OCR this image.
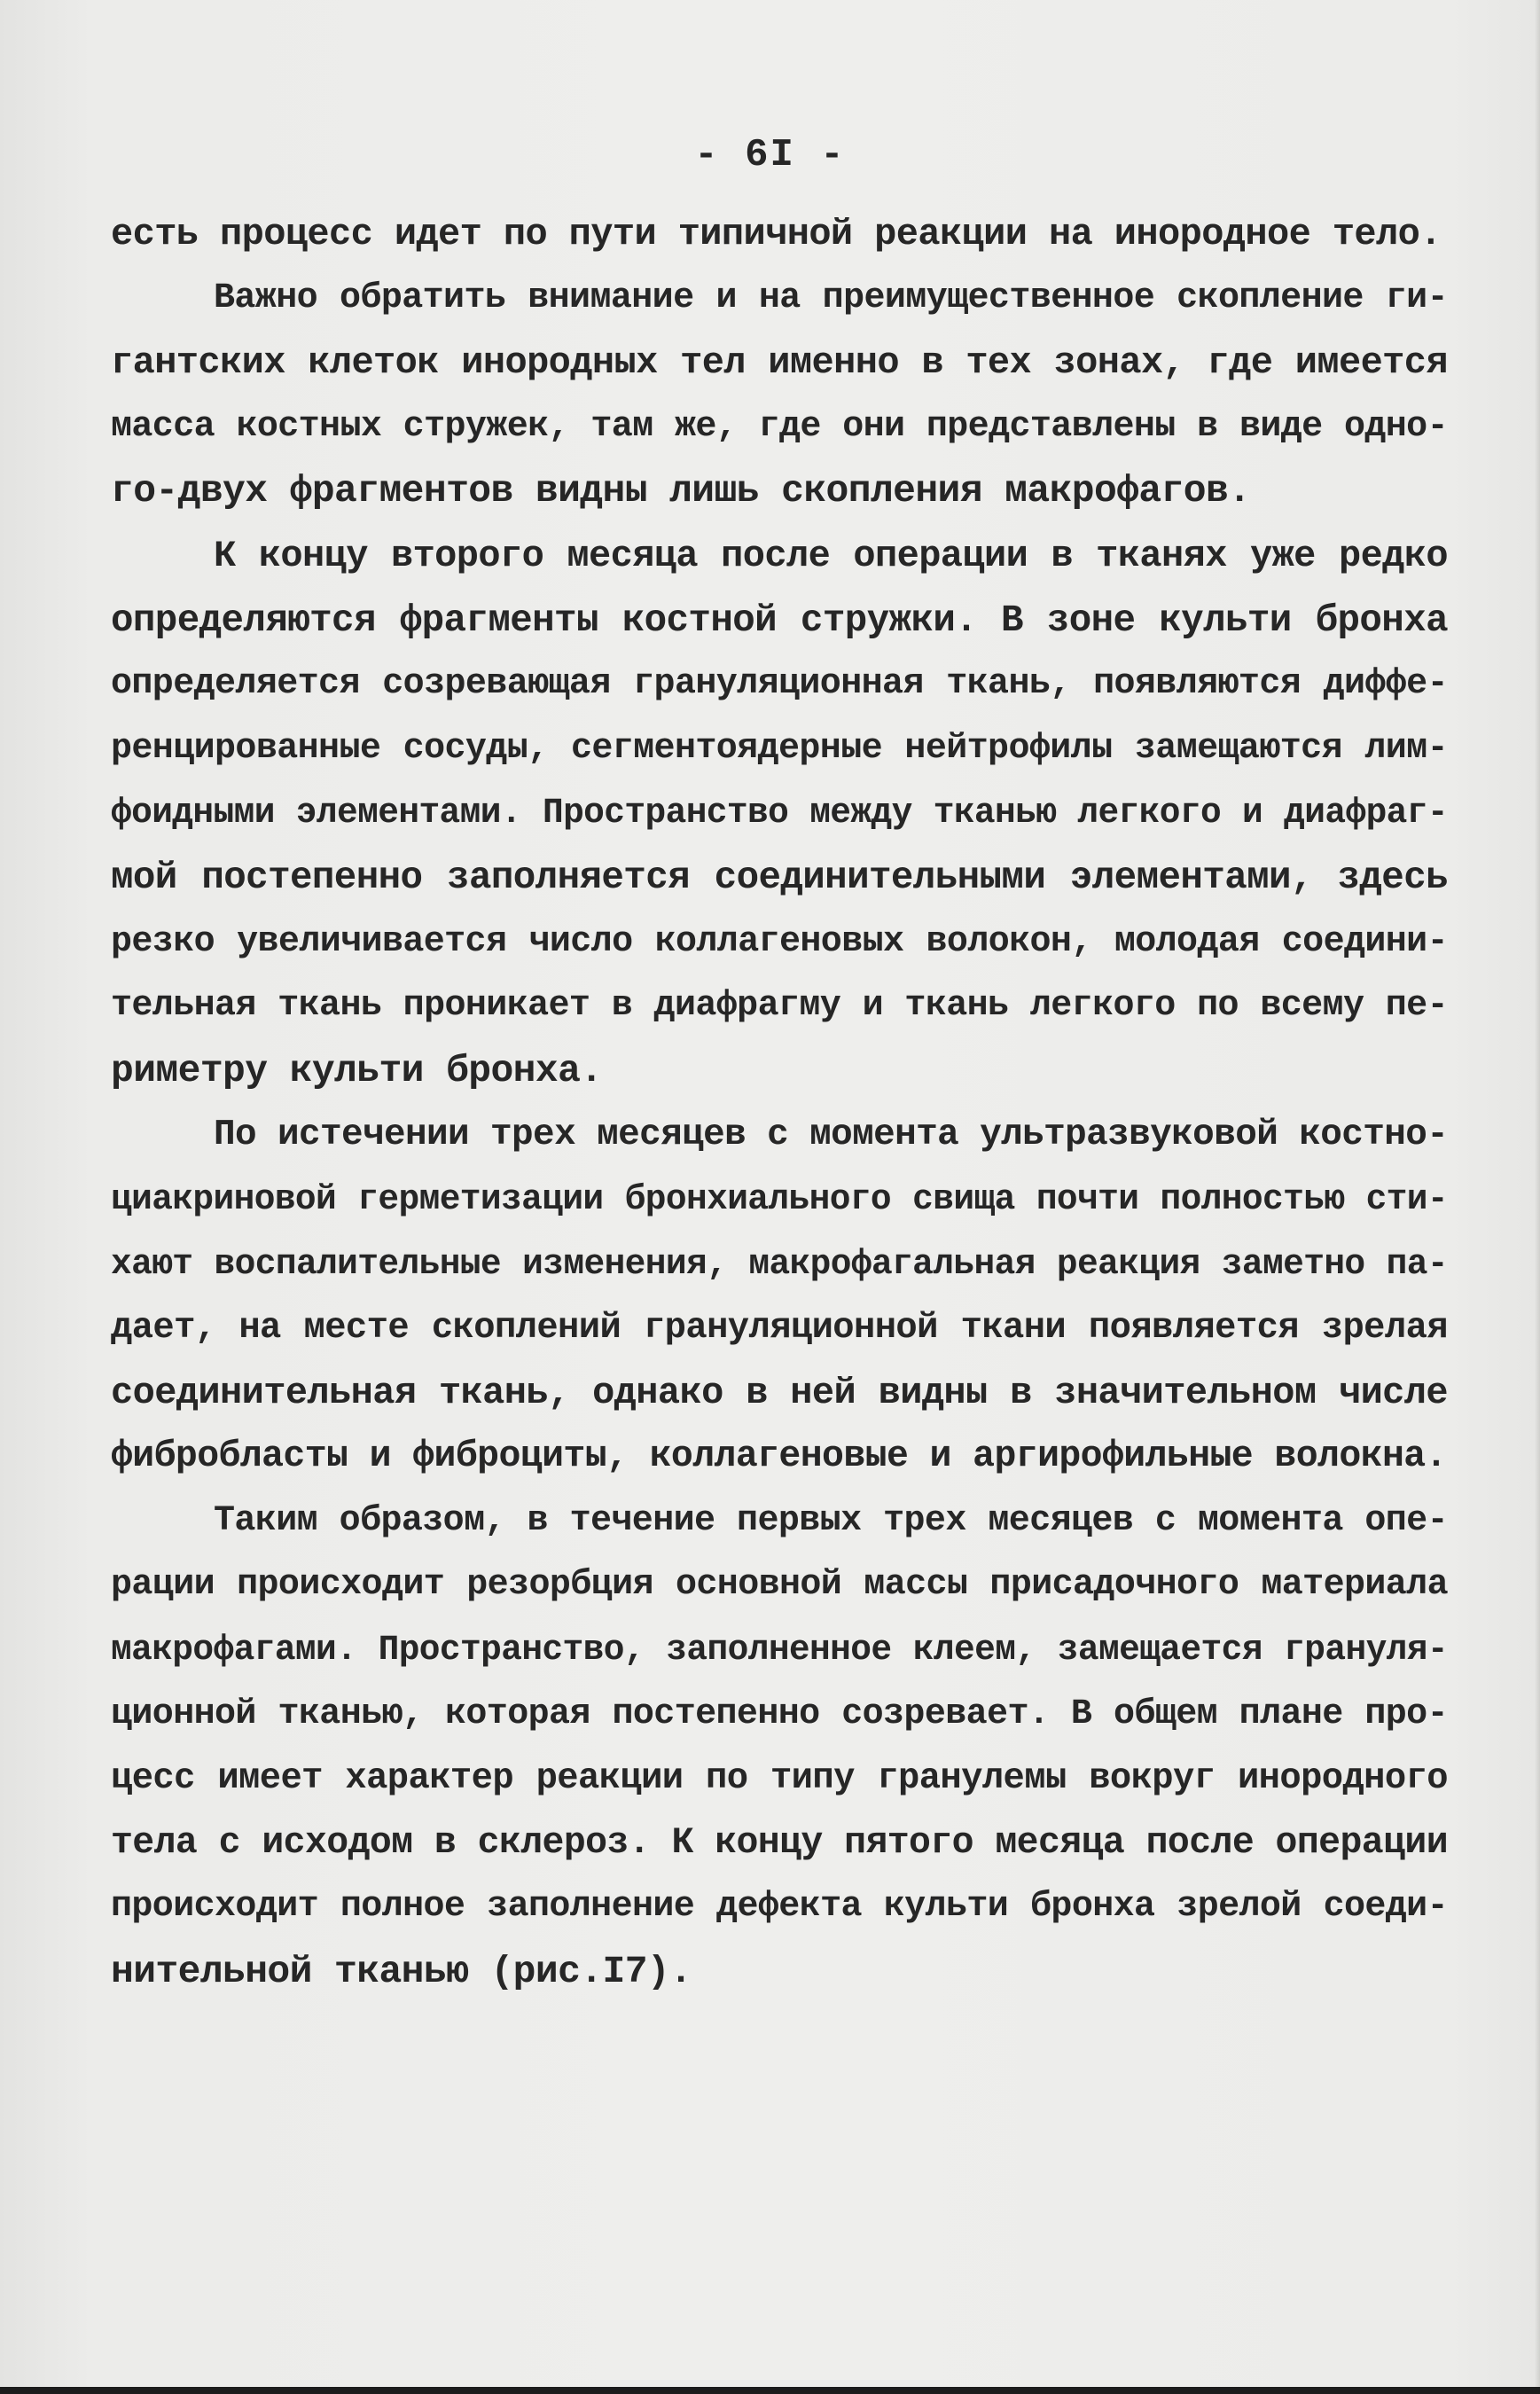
- 6I -
есть процесс идет по пути типичной реакции на инородное тело.
Важно обратить внимание и на преимущественное скопление ги-
гантских клеток инородных тел именно в тех зонах, где имеется
масса костных стружек, там же, где они представлены в виде одно-
го-двух фрагментов видны лишь скопления макрофагов.
К концу второго месяца после операции в тканях уже редко
определяются фрагменты костной стружки. В зоне культи бронха
определяется созревающая грануляционная ткань, появляются диффе-
ренцированные сосуды, сегментоядерные нейтрофилы замещаются лим-
фоидными элементами. Пространство между тканью легкого и диафраг-
мой постепенно заполняется соединительными элементами, здесь
резко увеличивается число коллагеновых волокон, молодая соедини-
тельная ткань проникает в диафрагму и ткань легкого по всему пе-
риметру культи бронха.
По истечении трех месяцев с момента ультразвуковой костно-
циакриновой герметизации бронхиального свища почти полностью сти-
хают воспалительные изменения, макрофагальная реакция заметно па-
дает, на месте скоплений грануляционной ткани появляется зрелая
соединительная ткань, однако в ней видны в значительном числе
фибробласты и фиброциты, коллагеновые и аргирофильные волокна.
Таким образом, в течение первых трех месяцев с момента опе-
рации происходит резорбция основной массы присадочного материала
макрофагами. Пространство, заполненное клеем, замещается грануля-
ционной тканью, которая постепенно созревает. В общем плане про-
цесс имеет характер реакции по типу гранулемы вокруг инородного
тела с исходом в склероз. К концу пятого месяца после операции
происходит полное заполнение дефекта культи бронха зрелой соеди-
нительной тканью (рис.I7).
